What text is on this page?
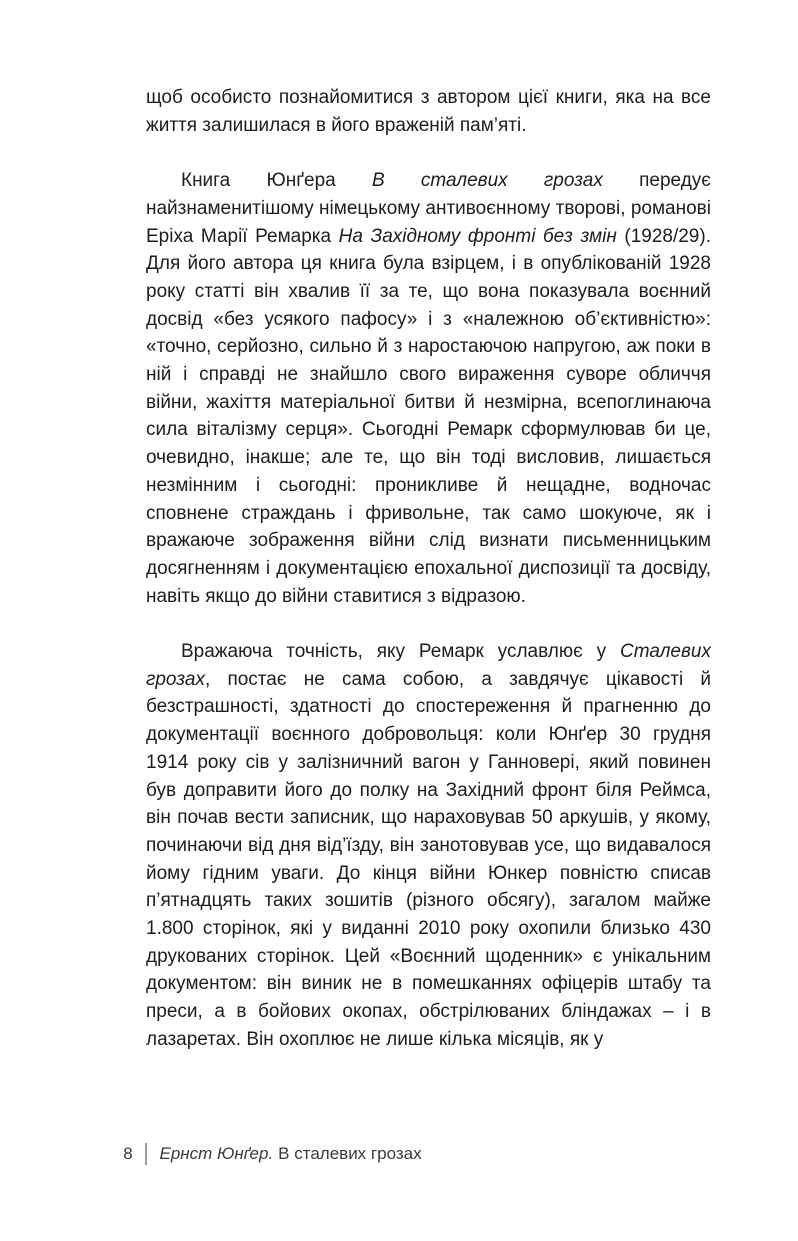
щоб особисто познайомитися з автором цієї книги, яка на все життя залишилася в його враженій пам’яті.

Книга Юнґера В сталевих грозах передує найзнаменитішому німецькому антивоєнному творові, романові Еріха Марії Ремарка На Західному фронті без змін (1928/29). Для його автора ця книга була взірцем, і в опублікованій 1928 року статті він хвалив її за те, що вона показувала воєнний досвід «без усякого пафосу» і з «належною об’єктивністю»: «точно, серйозно, сильно й з наростаючою напругою, аж поки в ній і справді не знайшло свого вираження суворе обличчя війни, жахіття матеріальної битви й незмірна, всепоглинаюча сила віталізму серця». Сьогодні Ремарк сформулював би це, очевидно, інакше; але те, що він тоді висловив, лишається незмінним і сьогодні: проникливе й нещадне, водночас сповнене страждань і фривольне, так само шокуюче, як і вражаюче зображення війни слід визнати письменницьким досягненням і документацією епохальної диспозиції та досвіду, навіть якщо до війни ставитися з відразою.

Вражаюча точність, яку Ремарк уславлює у Сталевих грозах, постає не сама собою, а завдячує цікавості й безстрашності, здатності до спостереження й прагненню до документації воєнного добровольця: коли Юнґер 30 грудня 1914 року сів у залізничний вагон у Ганновері, який повинен був доправити його до полку на Західний фронт біля Реймса, він почав вести записник, що нараховував 50 аркушів, у якому, починаючи від дня від’їзду, він занотовував усе, що видавалося йому гідним уваги. До кінця війни Юнкер повністю списав п’ятнадцять таких зошитів (різного обсягу), загалом майже 1.800 сторінок, які у виданні 2010 року охопили близько 430 друкованих сторінок. Цей «Воєнний щоденник» є унікальним документом: він виник не в помешканнях офіцерів штабу та преси, а в бойових окопах, обстрілюваних бліндажах – і в лазаретах. Він охоплює не лише кілька місяців, як у

8 Ернст Юнґер. В сталевих грозах
